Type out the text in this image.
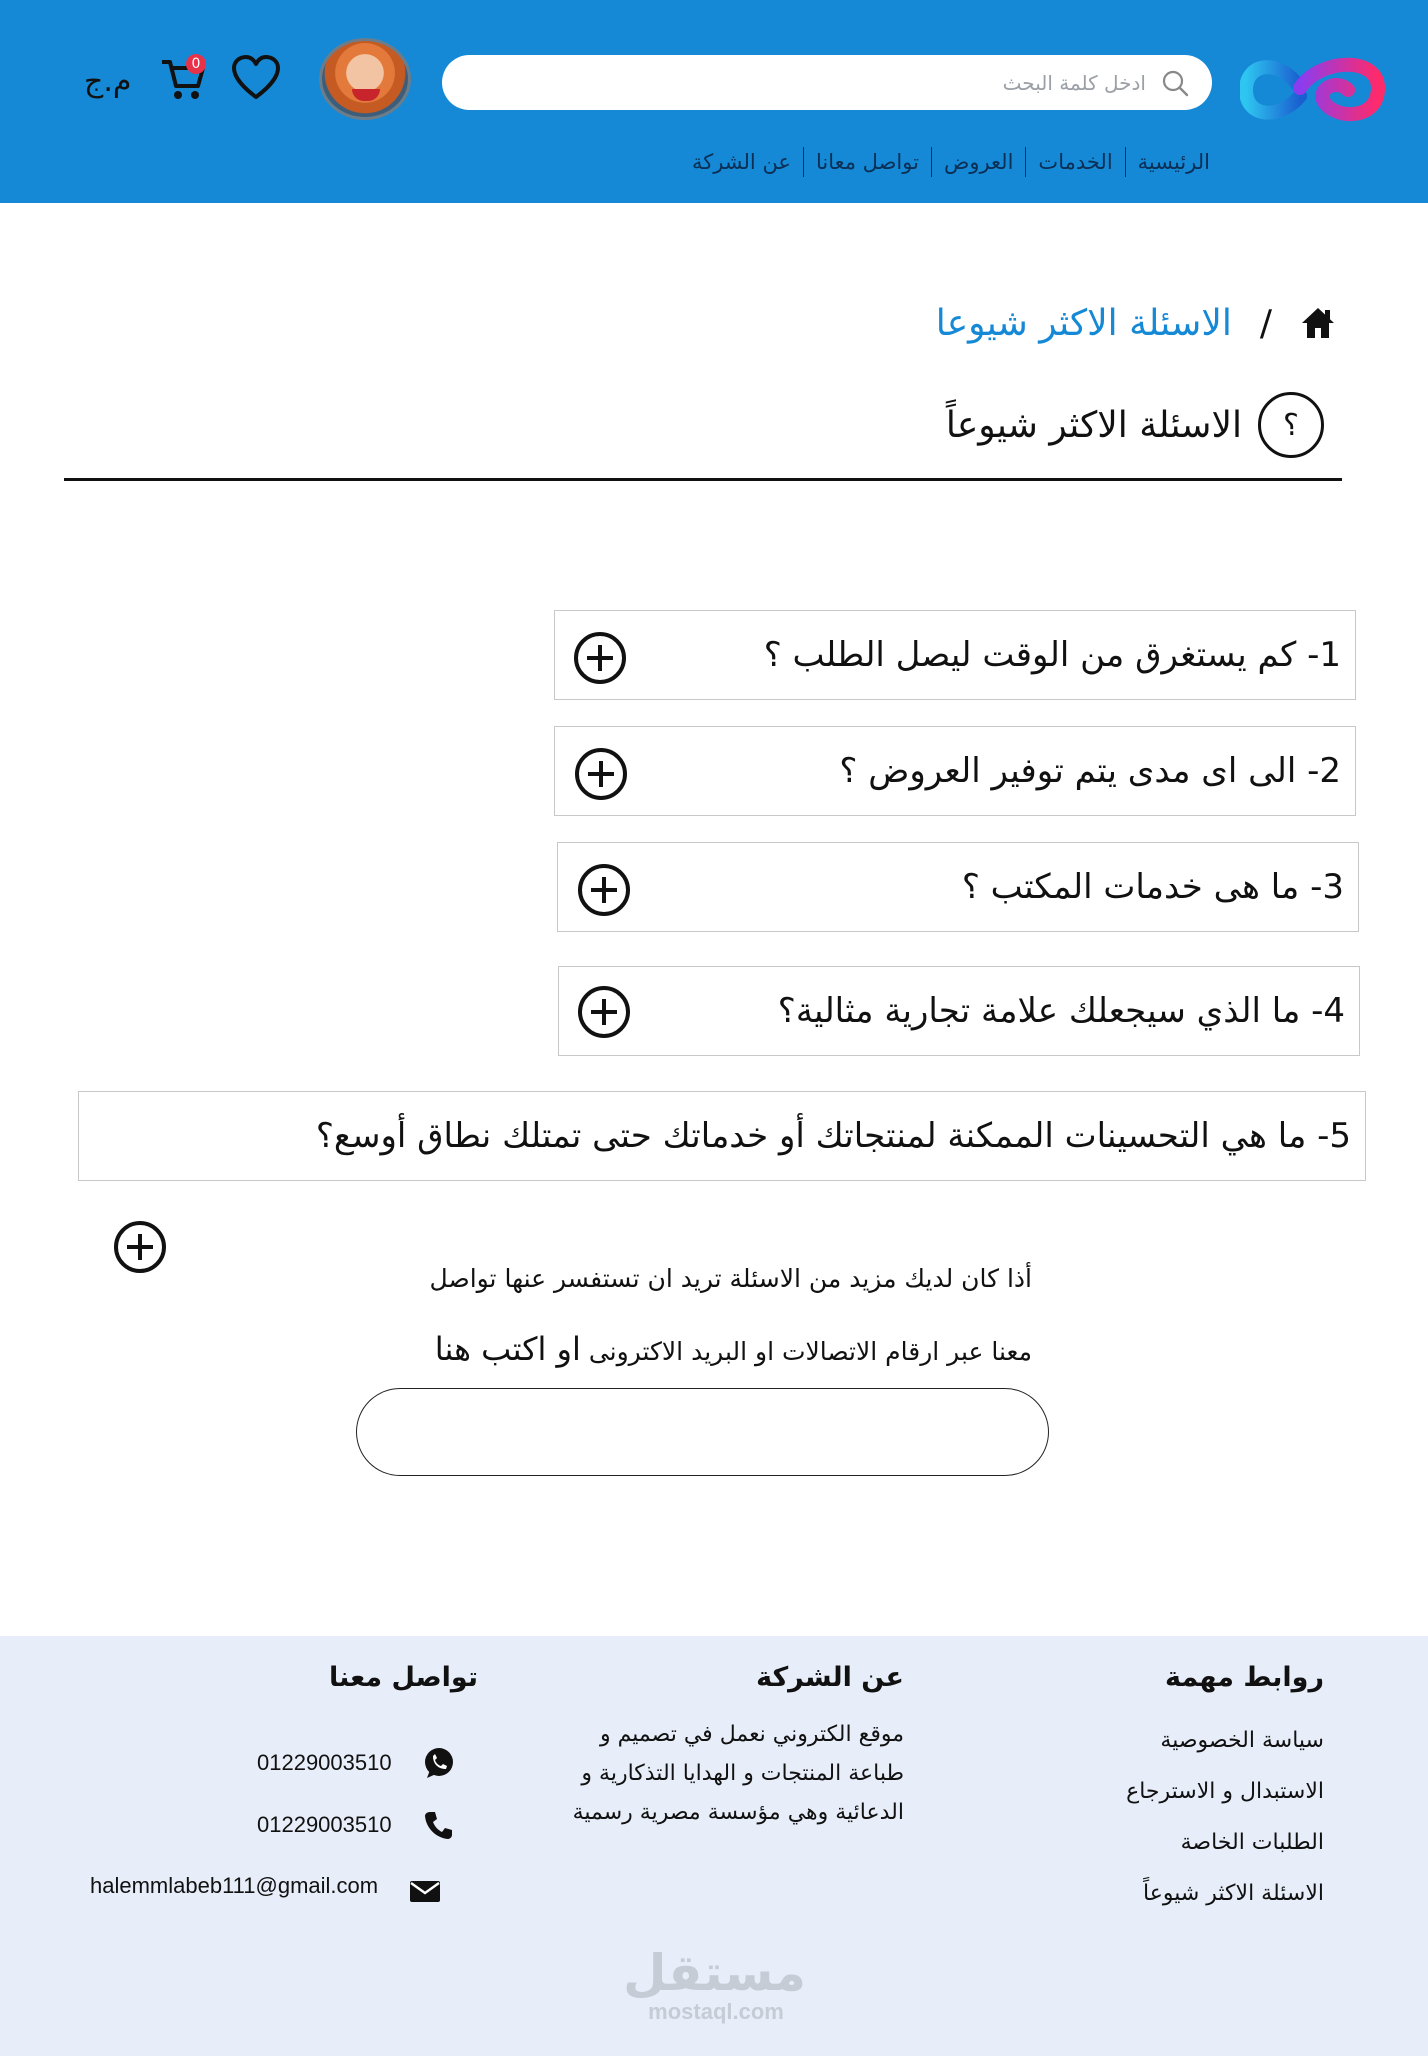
ادخل كلمة البحث
0
م.ج
الرئيسية
الخدمات
العروض
تواصل معانا
عن الشركة
/
الاسئلة الاكثر شيوعا
؟
الاسئلة الاكثر شيوعاً
1- كم يستغرق من الوقت ليصل الطلب ؟
2- الى اى مدى يتم توفير العروض ؟
3- ما هى خدمات المكتب ؟
4- ما الذي سيجعلك علامة تجارية مثالية؟
5- ما هي التحسينات الممكنة لمنتجاتك أو خدماتك حتى تمتلك نطاق أوسع؟
أذا كان لديك مزيد من الاسئلة تريد ان تستفسر عنها تواصل
معنا عبر ارقام الاتصالات او البريد الاكترونى او اكتب هنا
روابط مهمة
سياسة الخصوصية
الاستبدال و الاسترجاع
الطلبات الخاصة
الاسئلة الاكثر شيوعاً
عن الشركة
موقع الكتروني نعمل في تصميم و طباعة المنتجات و الهدايا التذكارية و الدعائية وهي مؤسسة مصرية رسمية
تواصل معنا
01229003510
01229003510
halemmlabeb111@gmail.com
مستقل
mostaql.com
